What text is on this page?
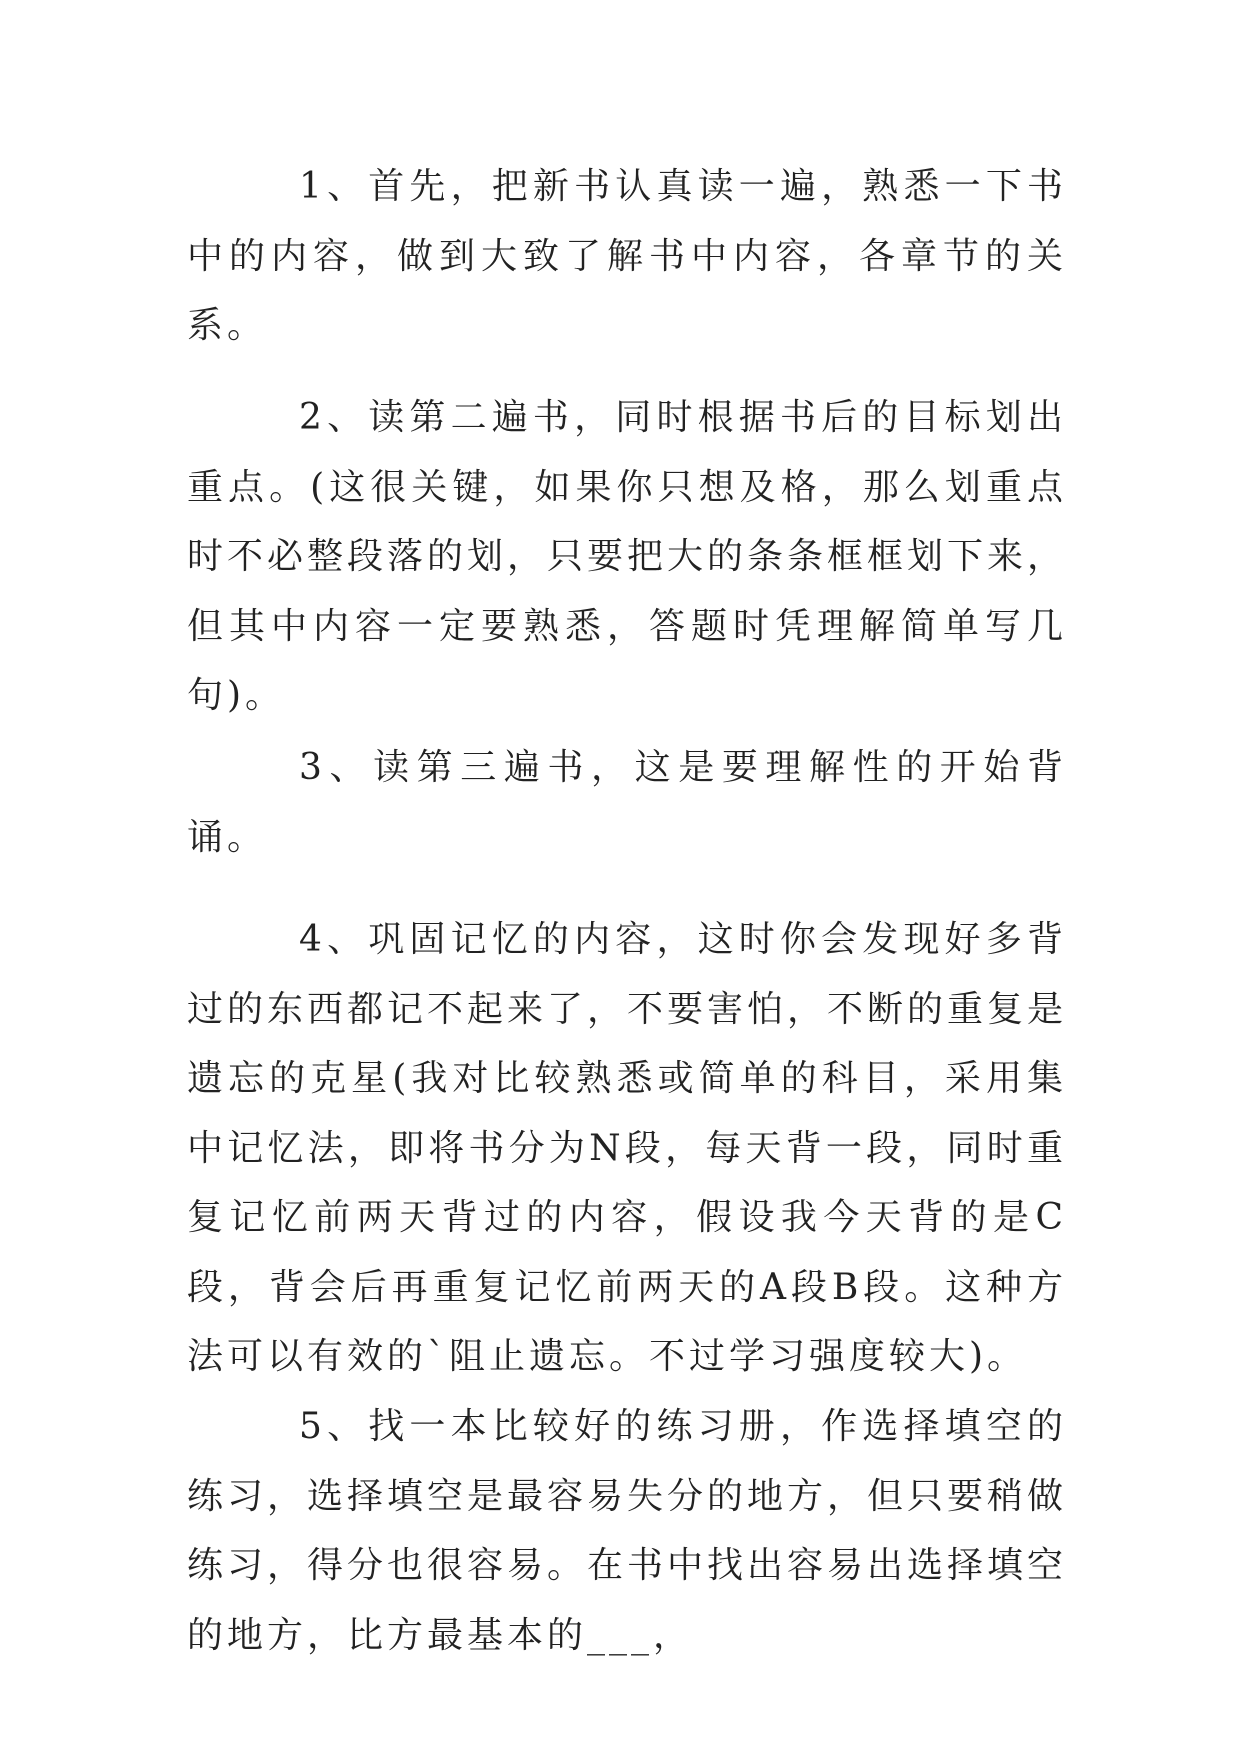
1、首先，把新书认真读一遍，熟悉一下书中的内容，做到大致了解书中内容，各章节的关系。

2、读第二遍书，同时根据书后的目标划出重点。(这很关键，如果你只想及格，那么划重点时不必整段落的划，只要把大的条条框框划下来，但其中内容一定要熟悉，答题时凭理解简单写几句)。

3、读第三遍书，这是要理解性的开始背诵。

4、巩固记忆的内容，这时你会发现好多背过的东西都记不起来了，不要害怕，不断的重复是遗忘的克星(我对比较熟悉或简单的科目，采用集中记忆法，即将书分为N段，每天背一段，同时重复记忆前两天背过的内容，假设我今天背的是C段，背会后再重复记忆前两天的A段B段。这种方法可以有效的`阻止遗忘。不过学习强度较大)。

5、找一本比较好的练习册，作选择填空的练习，选择填空是最容易失分的地方，但只要稍做练习，得分也很容易。在书中找出容易出选择填空的地方，比方最基本的___，
